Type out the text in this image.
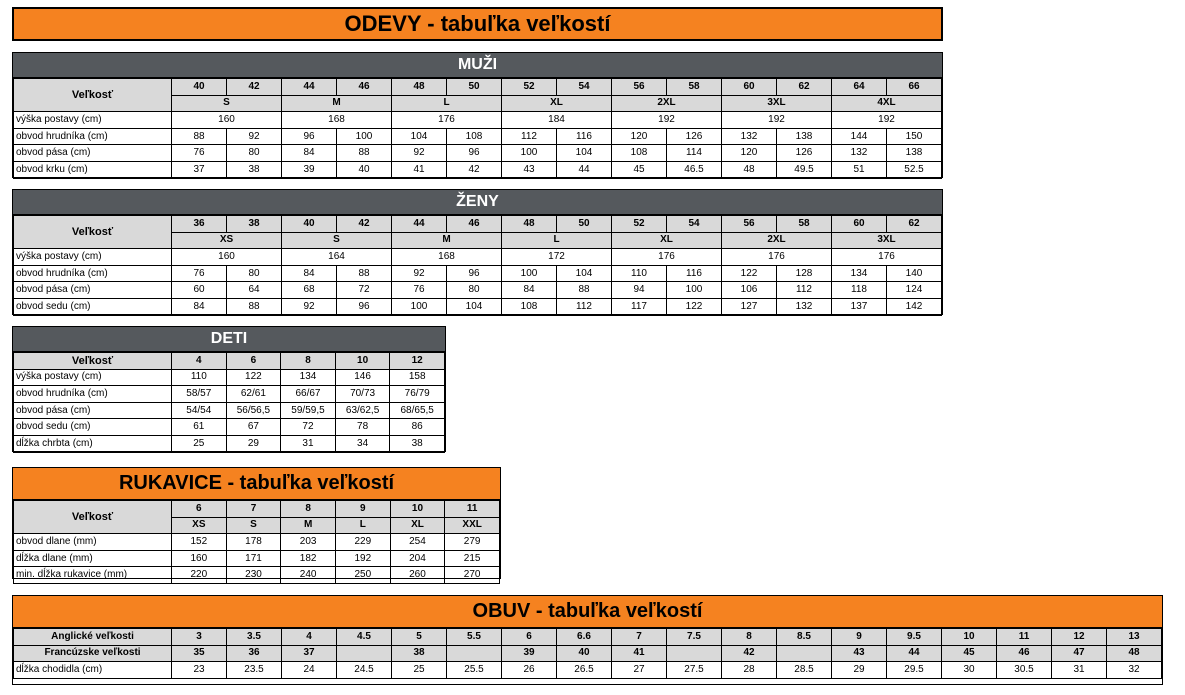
ODEVY - tabuľka veľkostí
MUŽI
Veľkosť	40	42	44	46	48	50	52	54	56	58	60	62	64	66
	S		M		L		XL		2XL		3XL		4XL	
výška postavy (cm)	160		168		176		184		192		192		192	
obvod hrudníka (cm)	88	92	96	100	104	108	112	116	120	126	132	138	144	150
obvod pása (cm)	76	80	84	88	92	96	100	104	108	114	120	126	132	138
obvod krku (cm)	37	38	39	40	41	42	43	44	45	46.5	48	49.5	51	52.5
ŽENY
Veľkosť	36	38	40	42	44	46	48	50	52	54	56	58	60	62
	XS		S		M		L		XL		2XL		3XL	
výška postavy (cm)	160		164		168		172		176		176		176	
obvod hrudníka (cm)	76	80	84	88	92	96	100	104	110	116	122	128	134	140
obvod pása (cm)	60	64	68	72	76	80	84	88	94	100	106	112	118	124
obvod sedu (cm)	84	88	92	96	100	104	108	112	117	122	127	132	137	142
DETI
Veľkosť	4	6	8	10	12
výška postavy (cm)	110	122	134	146	158
obvod hrudníka (cm)	58/57	62/61	66/67	70/73	76/79
obvod pása (cm)	54/54	56/56,5	59/59,5	63/62,5	68/65,5
obvod sedu (cm)	61	67	72	78	86
dĺžka chrbta (cm)	25	29	31	34	38
RUKAVICE - tabuľka veľkostí
Veľkosť	6	7	8	9	10	11
	XS	S	M	L	XL	XXL
obvod dlane (mm)	152	178	203	229	254	279
dĺžka dlane (mm)	160	171	182	192	204	215
min. dĺžka rukavice (mm)	220	230	240	250	260	270
OBUV - tabuľka veľkostí
Anglické veľkosti	3	3.5	4	4.5	5	5.5	6	6.6	7	7.5	8	8.5	9	9.5	10	11	12	13
Francúzske veľkosti	35	36	37		38		39	40	41		42		43	44	45	46	47	48
dĺžka chodidla (cm)	23	23.5	24	24.5	25	25.5	26	26.5	27	27.5	28	28.5	29	29.5	30	30.5	31	32
